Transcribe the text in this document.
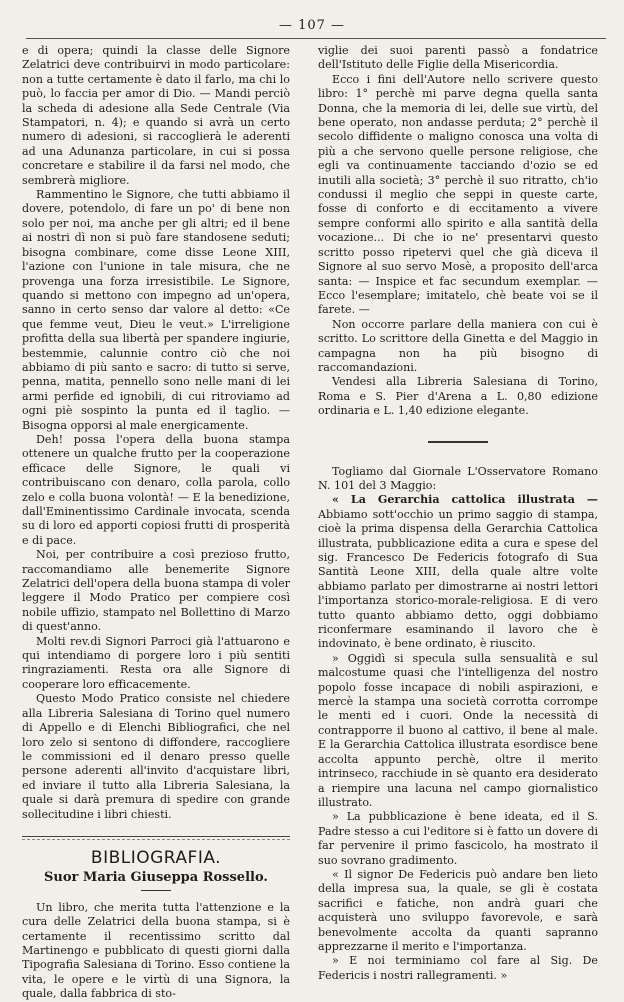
— 107 —

e di opera; quindi la classe delle Signore Zelatrici deve contribuirvi in modo particolare: non a tutte certamente è dato il farlo, ma chi lo può, lo faccia per amor di Dio. — Mandi perciò la scheda di adesione alla Sede Centrale (Via Stampatori, n. 4); e quando si avrà un certo numero di adesioni, si raccoglierà le aderenti ad una Adunanza particolare, in cui si possa concretare e stabilire il da farsi nel modo, che sembrerà migliore.

Rammentino le Signore, che tutti abbiamo il dovere, potendolo, di fare un po' di bene non solo per noi, ma anche per gli altri; ed il bene ai nostri dì non si può fare standosene seduti; bisogna combinare, come disse Leone XIII, l'azione con l'unione in tale misura, che ne provenga una forza irresistibile. Le Signore, quando si mettono con impegno ad un'opera, sanno in certo senso dar valore al detto: «Ce que femme veut, Dieu le veut.» L'irreligione profitta della sua libertà per spandere ingiurie, bestemmie, calunnie contro ciò che noi abbiamo di più santo e sacro: di tutto si serve, penna, matita, pennello sono nelle mani di lei armi perfide ed ignobili, di cui ritroviamo ad ogni piè sospinto la punta ed il taglio. — Bisogna opporsi al male energicamente.

Deh! possa l'opera della buona stampa ottenere un qualche frutto per la cooperazione efficace delle Signore, le quali vi contribuiscano con denaro, colla parola, collo zelo e colla buona volontà! — E la benedizione, dall'Eminentissimo Cardinale invocata, scenda su di loro ed apporti copiosi frutti di prosperità e di pace.

Noi, per contribuire a così prezioso frutto, raccomandiamo alle benemerite Signore Zelatrici dell'opera della buona stampa di voler leggere il Modo Pratico per compiere così nobile uffizio, stampato nel Bollettino di Marzo di quest'anno.

Molti rev.di Signori Parroci già l'attuarono e qui intendiamo di porgere loro i più sentiti ringraziamenti. Resta ora alle Signore di cooperare loro efficacemente.

Questo Modo Pratico consiste nel chiedere alla Libreria Salesiana di Torino quel numero di Appello e di Elenchi Bibliografici, che nel loro zelo si sentono di diffondere, raccogliere le commissioni ed il denaro presso quelle persone aderenti all'invito d'acquistare libri, ed inviare il tutto alla Libreria Salesiana, la quale si darà premura di spedire con grande sollecitudine i libri chiesti.

BIBLIOGRAFIA.
Suor Maria Giuseppa Rossello.

Un libro, che merita tutta l'attenzione e la cura delle Zelatrici della buona stampa, si è certamente il recentissimo scritto dal Martinengo e pubblicato di questi giorni dalla Tipografia Salesiana di Torino. Esso contiene la vita, le opere e le virtù di una Signora, la quale, dalla fabbrica di sto-

viglie dei suoi parenti passò a fondatrice dell'Istituto delle Figlie della Misericordia.

Ecco i fini dell'Autore nello scrivere questo libro: 1° perchè mi parve degna quella santa Donna, che la memoria di lei, delle sue virtù, del bene operato, non andasse perduta; 2° perchè il secolo diffidente o maligno conosca una volta di più a che servono quelle persone religiose, che egli va continuamente tacciando d'ozio se ed inutili alla società; 3° perchè il suo ritratto, ch'io condussi il meglio che seppi in queste carte, fosse di conforto e di eccitamento a vivere sempre conformi allo spirito e alla santità della vocazione... Di che io ne' presentarvi questo scritto posso ripetervi quel che già diceva il Signore al suo servo Mosè, a proposito dell'arca santa: — Inspice et fac secundum exemplar. — Ecco l'esemplare; imitatelo, chè beate voi se il farete. —

Non occorre parlare della maniera con cui è scritto. Lo scrittore della Ginetta e del Maggio in campagna non ha più bisogno di raccomandazioni.

Vendesi alla Libreria Salesiana di Torino, Roma e S. Pier d'Arena a L. 0,80 edizione ordinaria e L. 1,40 edizione elegante.

Togliamo dal Giornale L'Osservatore Romano N. 101 del 3 Maggio:

« La Gerarchia cattolica illustrata — Abbiamo sott'occhio un primo saggio di stampa, cioè la prima dispensa della Gerarchia Cattolica illustrata, pubblicazione edita a cura e spese del sig. Francesco De Federicis fotografo di Sua Santità Leone XIII, della quale altre volte abbiamo parlato per dimostrarne ai nostri lettori l'importanza storico-morale-religiosa. E di vero tutto quanto abbiamo detto, oggi dobbiamo riconfermare esaminando il lavoro che è indovinato, è bene ordinato, è riuscito.

» Oggidì si specula sulla sensualità e sul malcostume quasi che l'intelligenza del nostro popolo fosse incapace di nobili aspirazioni, e mercè la stampa una società corrotta corrompe le menti ed i cuori. Onde la necessità di contrapporre il buono al cattivo, il bene al male. E la Gerarchia Cattolica illustrata esordisce bene accolta appunto perchè, oltre il merito intrinseco, racchiude in sè quanto era desiderato a riempire una lacuna nel campo giornalistico illustrato.

» La pubblicazione è bene ideata, ed il S. Padre stesso a cui l'editore si è fatto un dovere di far pervenire il primo fascicolo, ha mostrato il suo sovrano gradimento.

« Il signor De Federicis può andare ben lieto della impresa sua, la quale, se gli è costata sacrifici e fatiche, non andrà guari che acquisterà uno sviluppo favorevole, e sarà benevolmente accolta da quanti sapranno apprezzarne il merito e l'importanza.

» E noi terminiamo col fare al Sig. De Federicis i nostri rallegramenti. »
